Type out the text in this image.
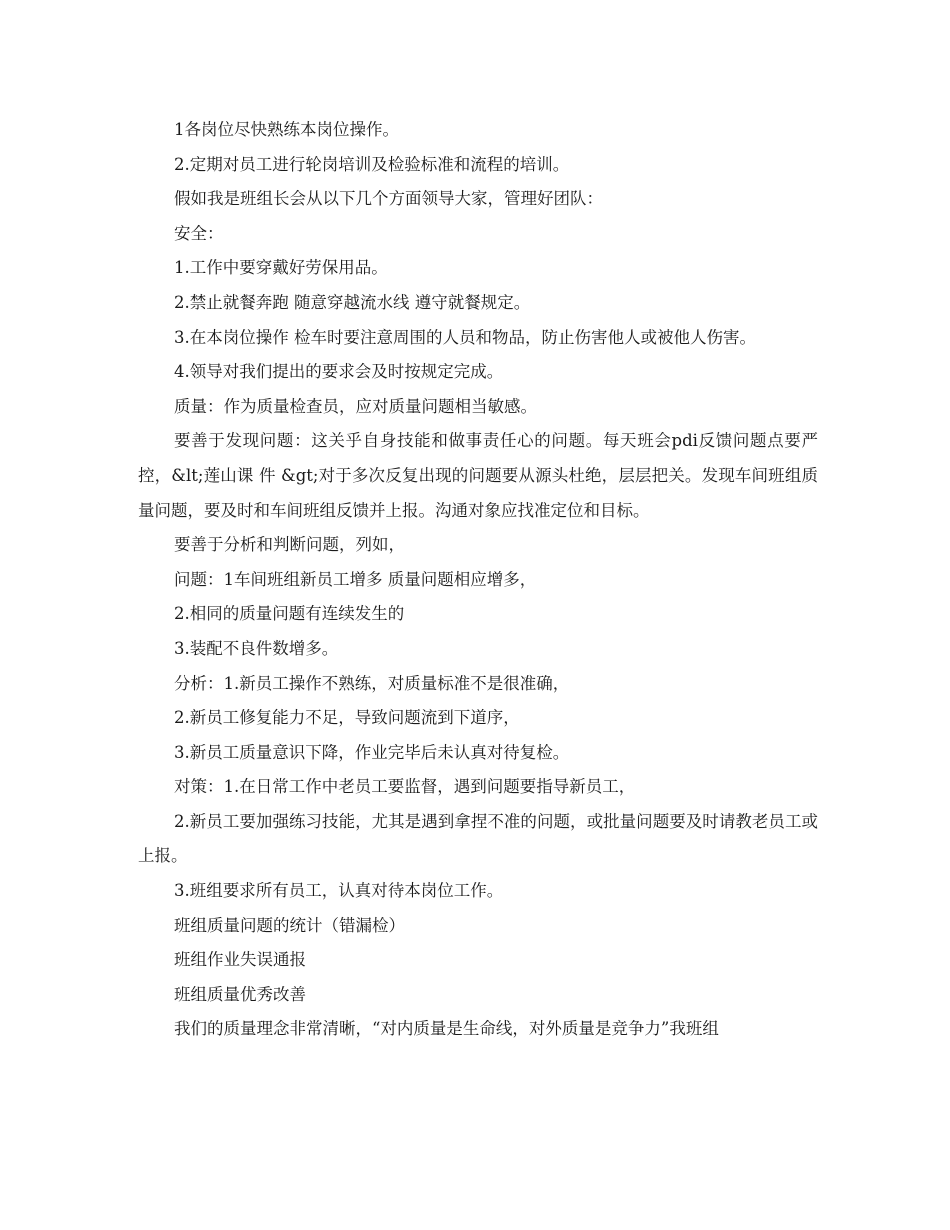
1各岗位尽快熟练本岗位操作。

2.定期对员工进行轮岗培训及检验标准和流程的培训。

假如我是班组长会从以下几个方面领导大家，管理好团队：

安全：

1.工作中要穿戴好劳保用品。

2.禁止就餐奔跑 随意穿越流水线 遵守就餐规定。

3.在本岗位操作 检车时要注意周围的人员和物品，防止伤害他人或被他人伤害。

4.领导对我们提出的要求会及时按规定完成。

质量：作为质量检查员，应对质量问题相当敏感。

要善于发现问题：这关乎自身技能和做事责任心的问题。每天班会pdi反馈问题点要严控，&lt;莲山课 件 &gt;对于多次反复出现的问题要从源头杜绝，层层把关。发现车间班组质量问题，要及时和车间班组反馈并上报。沟通对象应找准定位和目标。

要善于分析和判断问题，列如，

问题：1车间班组新员工增多 质量问题相应增多，

2.相同的质量问题有连续发生的

3.装配不良件数增多。

分析：1.新员工操作不熟练，对质量标准不是很准确，

2.新员工修复能力不足，导致问题流到下道序，

3.新员工质量意识下降，作业完毕后未认真对待复检。

对策：1.在日常工作中老员工要监督，遇到问题要指导新员工，

2.新员工要加强练习技能，尤其是遇到拿捏不准的问题，或批量问题要及时请教老员工或上报。

3.班组要求所有员工，认真对待本岗位工作。

班组质量问题的统计（错漏检）

班组作业失误通报

班组质量优秀改善

我们的质量理念非常清晰，“对内质量是生命线，对外质量是竞争力”我班组
